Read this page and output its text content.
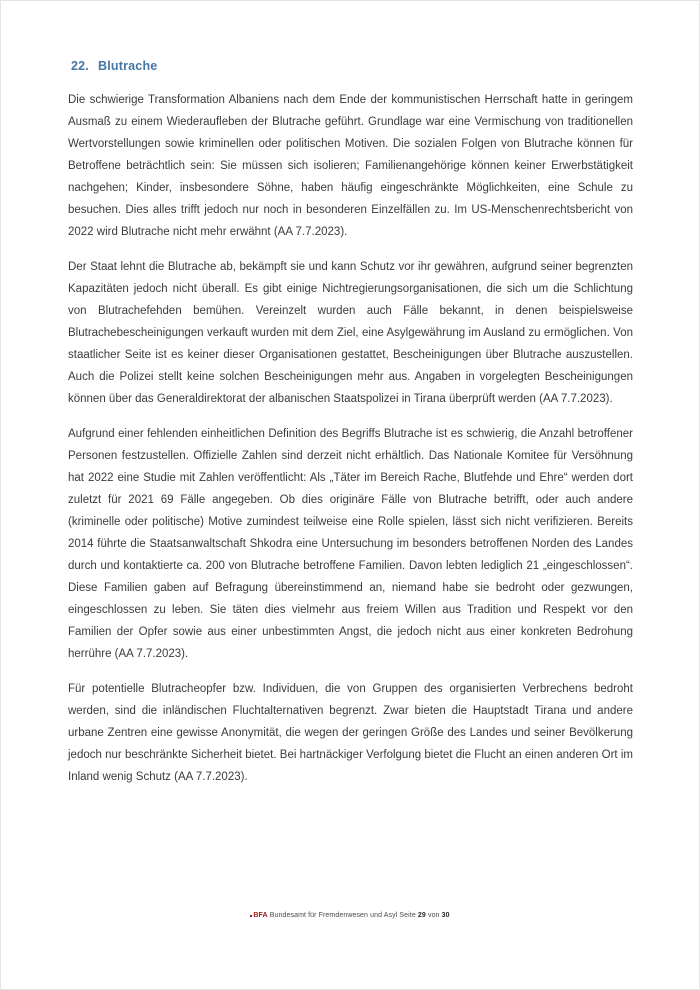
22. Blutrache

Die schwierige Transformation Albaniens nach dem Ende der kommunistischen Herrschaft hatte in geringem Ausmaß zu einem Wiederaufleben der Blutrache geführt. Grundlage war eine Vermischung von traditionellen Wertvorstellungen sowie kriminellen oder politischen Motiven. Die sozialen Folgen von Blutrache können für Betroffene beträchtlich sein: Sie müssen sich isolieren; Familienangehörige können keiner Erwerbstätigkeit nachgehen; Kinder, insbesondere Söhne, haben häufig eingeschränkte Möglichkeiten, eine Schule zu besuchen. Dies alles trifft jedoch nur noch in besonderen Einzelfällen zu. Im US-Menschenrechtsbericht von 2022 wird Blutrache nicht mehr erwähnt (AA 7.7.2023).

Der Staat lehnt die Blutrache ab, bekämpft sie und kann Schutz vor ihr gewähren, aufgrund seiner begrenzten Kapazitäten jedoch nicht überall. Es gibt einige Nichtregierungsorganisationen, die sich um die Schlichtung von Blutrachefehden bemühen. Vereinzelt wurden auch Fälle bekannt, in denen beispielsweise Blutrachebescheinigungen verkauft wurden mit dem Ziel, eine Asylgewährung im Ausland zu ermöglichen. Von staatlicher Seite ist es keiner dieser Organisationen gestattet, Bescheinigungen über Blutrache auszustellen. Auch die Polizei stellt keine solchen Bescheinigungen mehr aus. Angaben in vorgelegten Bescheinigungen können über das Generaldirektorat der albanischen Staatspolizei in Tirana überprüft werden (AA 7.7.2023).

Aufgrund einer fehlenden einheitlichen Definition des Begriffs Blutrache ist es schwierig, die Anzahl betroffener Personen festzustellen. Offizielle Zahlen sind derzeit nicht erhältlich. Das Nationale Komitee für Versöhnung hat 2022 eine Studie mit Zahlen veröffentlicht: Als „Täter im Bereich Rache, Blutfehde und Ehre“ werden dort zuletzt für 2021 69 Fälle angegeben. Ob dies originäre Fälle von Blutrache betrifft, oder auch andere (kriminelle oder politische) Motive zumindest teilweise eine Rolle spielen, lässt sich nicht verifizieren. Bereits 2014 führte die Staatsanwaltschaft Shkodra eine Untersuchung im besonders betroffenen Norden des Landes durch und kontaktierte ca. 200 von Blutrache betroffene Familien. Davon lebten lediglich 21 „eingeschlossen“. Diese Familien gaben auf Befragung übereinstimmend an, niemand habe sie bedroht oder gezwungen, eingeschlossen zu leben. Sie täten dies vielmehr aus freiem Willen aus Tradition und Respekt vor den Familien der Opfer sowie aus einer unbestimmten Angst, die jedoch nicht aus einer konkreten Bedrohung herrühre (AA 7.7.2023).

Für potentielle Blutracheopfer bzw. Individuen, die von Gruppen des organisierten Verbrechens bedroht werden, sind die inländischen Fluchtalternativen begrenzt. Zwar bieten die Hauptstadt Tirana und andere urbane Zentren eine gewisse Anonymität, die wegen der geringen Größe des Landes und seiner Bevölkerung jedoch nur beschränkte Sicherheit bietet. Bei hartnäckiger Verfolgung bietet die Flucht an einen anderen Ort im Inland wenig Schutz (AA 7.7.2023).

BFA Bundesamt für Fremdenwesen und Asyl Seite 29 von 30
